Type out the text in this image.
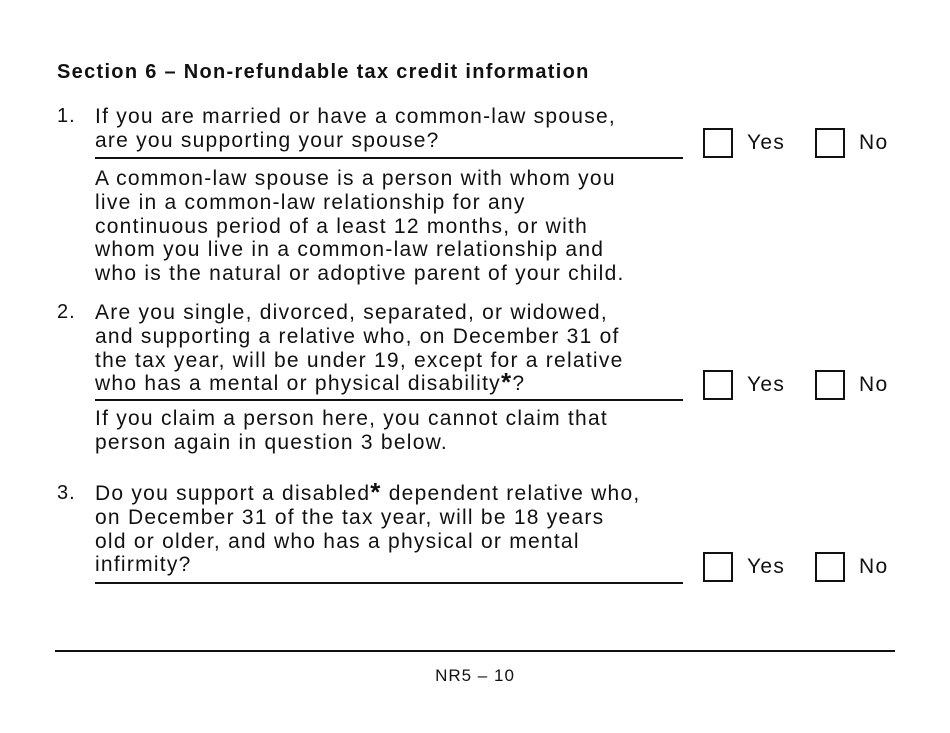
Section 6 – Non-refundable tax credit information
1. If you are married or have a common-law spouse,
are you supporting your spouse?
A common-law spouse is a person with whom you
live in a common-law relationship for any
continuous period of a least 12 months, or with
whom you live in a common-law relationship and
who is the natural or adoptive parent of your child.
Yes	No
2. Are you single, divorced, separated, or widowed,
and supporting a relative who, on December 31 of
the tax year, will be under 19, except for a relative
who has a mental or physical disability*?
If you claim a person here, you cannot claim that
person again in question 3 below.
Yes	No
3. Do you support a disabled* dependent relative who,
on December 31 of the tax year, will be 18 years
old or older, and who has a physical or mental
infirmity?	Yes	No
NR5 – 10
